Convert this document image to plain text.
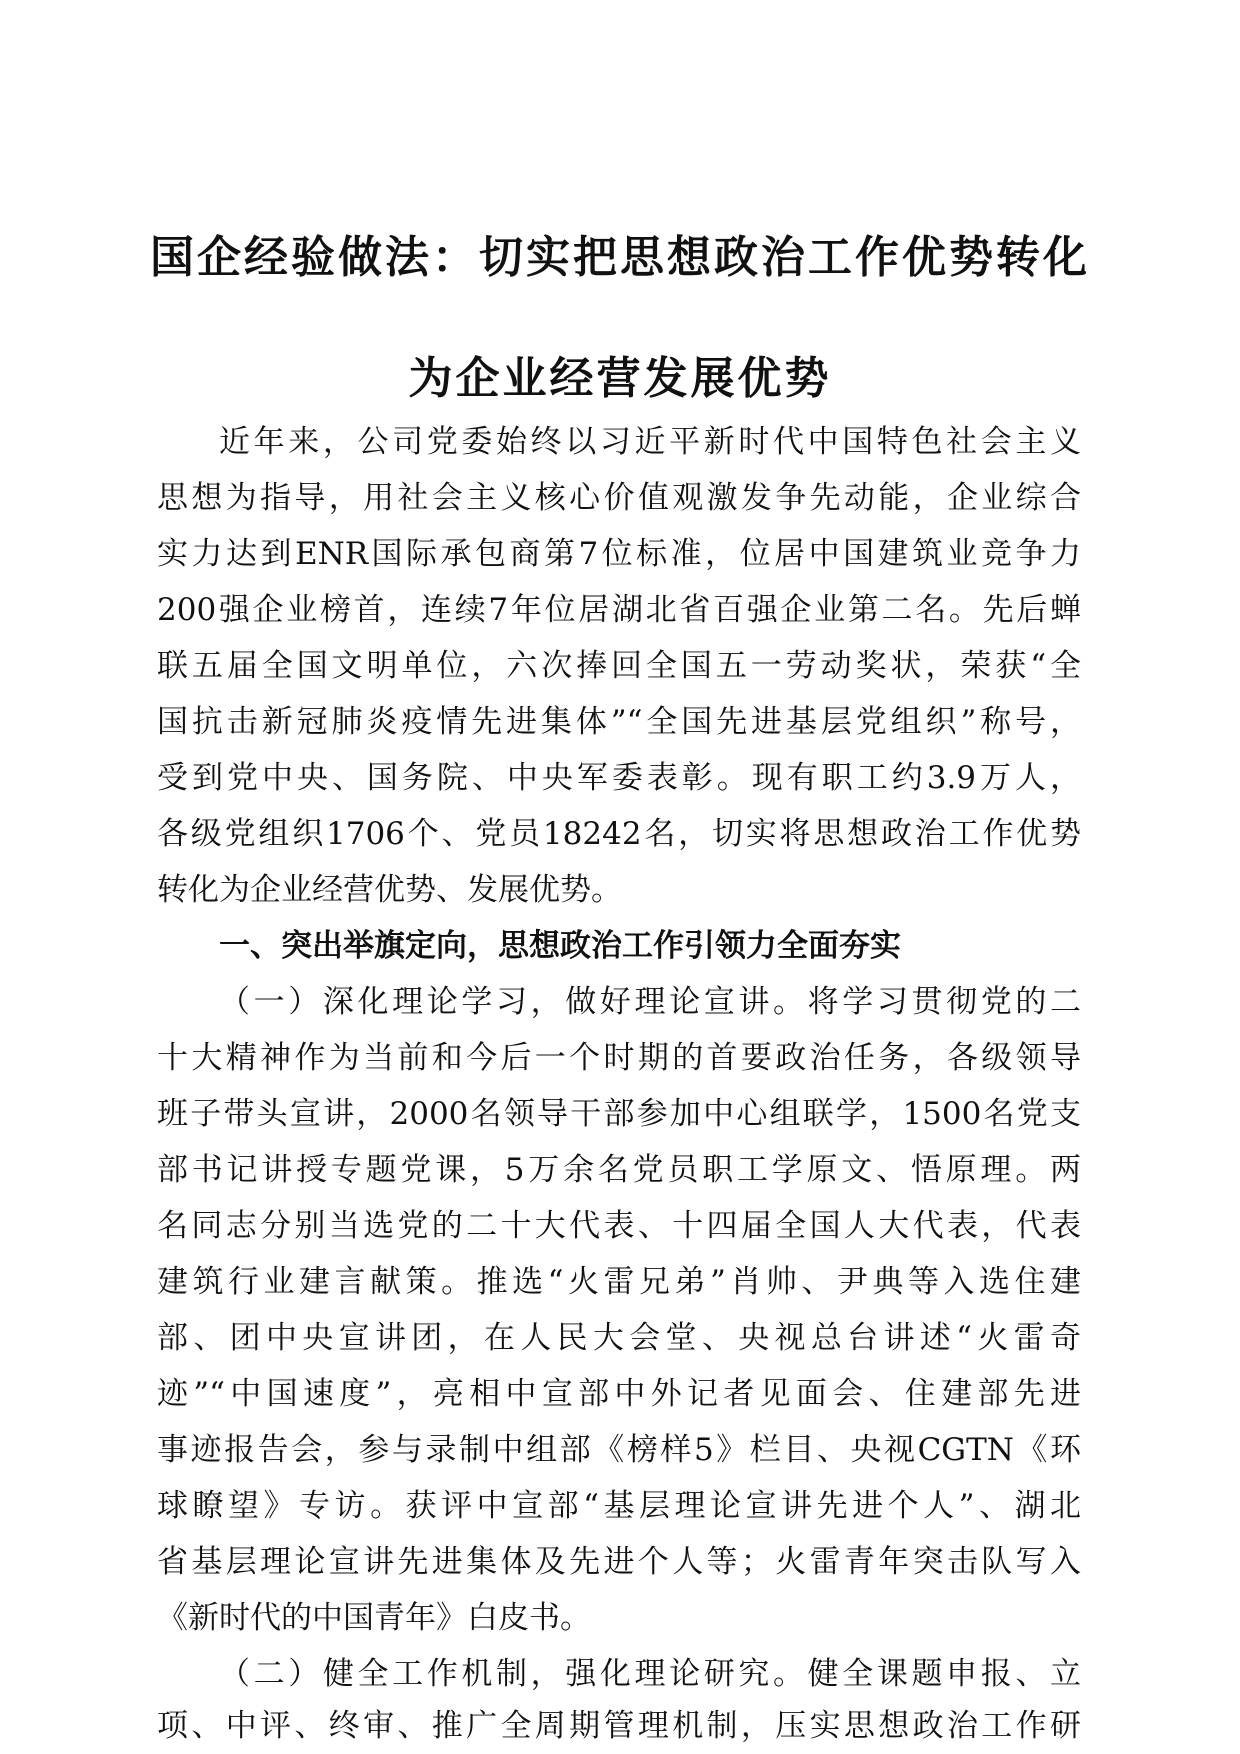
国企经验做法：切实把思想政治工作优势转化
为企业经营发展优势
近年来，公司党委始终以习近平新时代中国特色社会主义
思想为指导，用社会主义核心价值观激发争先动能，企业综合
实力达到ENR国际承包商第7位标准，位居中国建筑业竞争力
200强企业榜首，连续7年位居湖北省百强企业第二名。先后蝉
联五届全国文明单位，六次捧回全国五一劳动奖状，荣获“全
国抗击新冠肺炎疫情先进集体”“全国先进基层党组织”称号，
受到党中央、国务院、中央军委表彰。现有职工约3.9万人，
各级党组织1706个、党员18242名，切实将思想政治工作优势
转化为企业经营优势、发展优势。
一、突出举旗定向，思想政治工作引领力全面夯实
（一）深化理论学习，做好理论宣讲。将学习贯彻党的二
十大精神作为当前和今后一个时期的首要政治任务，各级领导
班子带头宣讲，2000名领导干部参加中心组联学，1500名党支
部书记讲授专题党课，5万余名党员职工学原文、悟原理。两
名同志分别当选党的二十大代表、十四届全国人大代表，代表
建筑行业建言献策。推选“火雷兄弟”肖帅、尹典等入选住建
部、团中央宣讲团，在人民大会堂、央视总台讲述“火雷奇
迹”“中国速度”，亮相中宣部中外记者见面会、住建部先进
事迹报告会，参与录制中组部《榜样5》栏目、央视CGTN《环
球瞭望》专访。获评中宣部“基层理论宣讲先进个人”、湖北
省基层理论宣讲先进集体及先进个人等；火雷青年突击队写入
《新时代的中国青年》白皮书。
（二）健全工作机制，强化理论研究。健全课题申报、立
项、中评、终审、推广全周期管理机制，压实思想政治工作研
